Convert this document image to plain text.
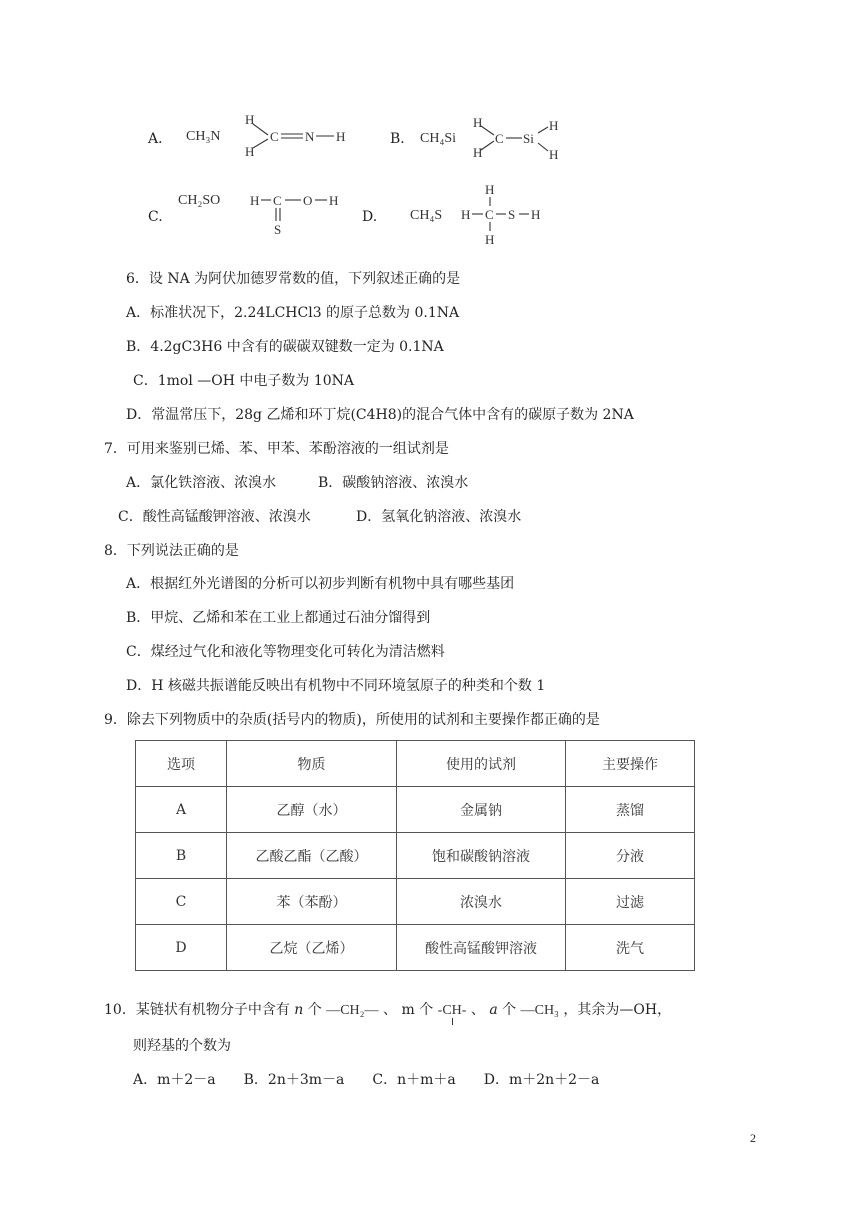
A． CH₃N
H
H
C N H	B． CH₄Si
H
H
C Si
H
H
C.
CH₂SO H C O H
S
D. CH₄S
H
H C S H
H
6．设 NA 为阿伏加德罗常数的值，下列叙述正确的是
A．标准状况下，2.24LCHCl3 的原子总数为 0.1NA
B．4.2gC3H6 中含有的碳碳双键数一定为 0.1NA
C．1mol —OH 中电子数为 10NA
D．常温常压下，28g 乙烯和环丁烷(C4H8)的混合气体中含有的碳原子数为 2NA
7．可用来鉴别已烯、苯、甲苯、苯酚溶液的一组试剂是
A．氯化铁溶液、浓溴水	B．碳酸钠溶液、浓溴水
C．酸性高锰酸钾溶液、浓溴水	D．氢氧化钠溶液、浓溴水
8．下列说法正确的是
A．根据红外光谱图的分析可以初步判断有机物中具有哪些基团
B．甲烷、乙烯和苯在工业上都通过石油分馏得到
C．煤经过气化和液化等物理变化可转化为清洁燃料
D．H 核磁共振谱能反映出有机物中不同环境氢原子的种类和个数 1
9．除去下列物质中的杂质(括号内的物质)，所使用的试剂和主要操作都正确的是
选项	物质	使用的试剂	主要操作
A	乙醇（水）	金属钠	蒸馏
B	乙酸乙酯（乙酸）	饱和碳酸钠溶液	分液
C	苯（苯酚）	浓溴水	过滤
D	乙烷（乙烯）	酸性高锰酸钾溶液	洗气
10．某链状有机物分子中含有 n 个 —CH₂— 、 m 个 -CH- 、 a 个 —CH₃ ，其余为—OH，
则羟基的个数为
A．m＋2－a　　B．2n＋3m－a　　C．n＋m＋a　　D．m＋2n＋2－a
2
